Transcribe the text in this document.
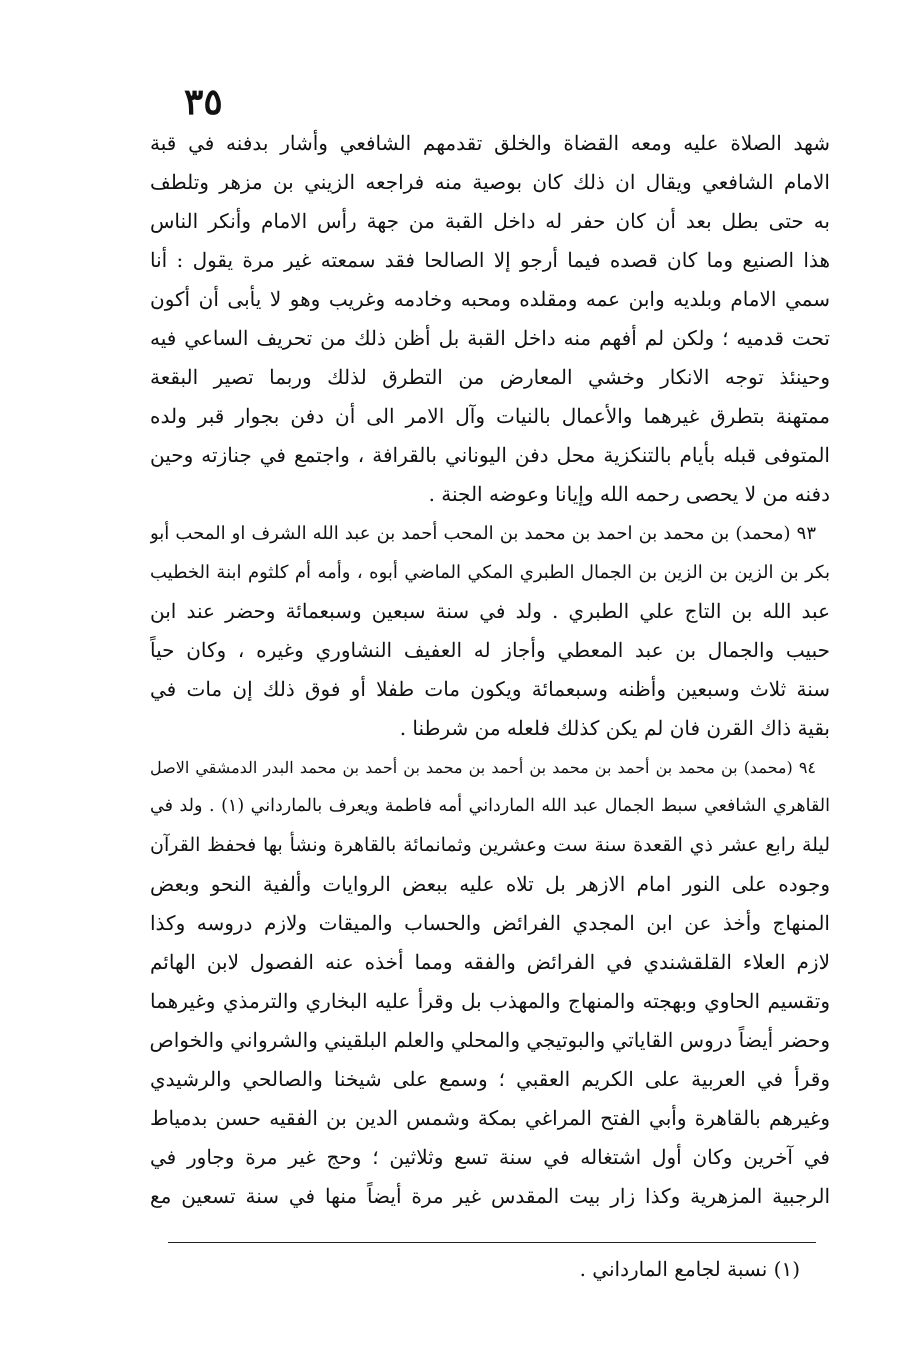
٣٥
شهد الصلاة عليه ومعه القضاة والخلق تقدمهم الشافعي وأشار بدفنه في قبة
الامام الشافعي ويقال ان ذلك كان بوصية منه فراجعه الزيني بن مزهر وتلطف
به حتى بطل بعد أن كان حفر له داخل القبة من جهة رأس الامام وأنكر الناس
هذا الصنيع وما كان قصده فيما أرجو إلا الصالحا فقد سمعته غير مرة يقول : أنا
سمي الامام وبلديه وابن عمه ومقلده ومحبه وخادمه وغريب وهو لا يأبى أن أكون
تحت قدميه ؛ ولكن لم أفهم منه داخل القبة بل أظن ذلك من تحريف الساعي فيه
وحينئذ توجه الانكار وخشي المعارض من التطرق لذلك وربما تصير البقعة
ممتهنة بتطرق غيرهما والأعمال بالنيات وآل الامر الى أن دفن بجوار قبر ولده
المتوفى قبله بأيام بالتنكزية محل دفن اليوناني بالقرافة ، واجتمع في جنازته وحين
دفنه من لا يحصى رحمه الله وإيانا وعوضه الجنة .
٩٣ (محمد) بن محمد بن احمد بن محمد بن المحب أحمد بن عبد الله الشرف او المحب أبو
بكر بن الزين بن الزين بن الجمال الطبري المكي الماضي أبوه ، وأمه أم كلثوم ابنة الخطيب
عبد الله بن التاج علي الطبري . ولد في سنة سبعين وسبعمائة وحضر عند ابن
حبيب والجمال بن عبد المعطي وأجاز له العفيف النشاوري وغيره ، وكان حياً
سنة ثلاث وسبعين وأظنه وسبعمائة ويكون مات طفلا أو فوق ذلك إن مات في
بقية ذاك القرن فان لم يكن كذلك فلعله من شرطنا .
٩٤ (محمد) بن محمد بن أحمد بن محمد بن أحمد بن محمد بن أحمد بن محمد البدر الدمشقي الاصل
القاهري الشافعي سبط الجمال عبد الله المارداني أمه فاطمة ويعرف بالمارداني (١) . ولد في
ليلة رابع عشر ذي القعدة سنة ست وعشرين وثمانمائة بالقاهرة ونشأ بها فحفظ القرآن
وجوده على النور امام الازهر بل تلاه عليه ببعض الروايات وألفية النحو وبعض
المنهاج وأخذ عن ابن المجدي الفرائض والحساب والميقات ولازم دروسه وكذا
لازم العلاء القلقشندي في الفرائض والفقه ومما أخذه عنه الفصول لابن الهائم
وتقسيم الحاوي وبهجته والمنهاج والمهذب بل وقرأ عليه البخاري والترمذي وغيرهما
وحضر أيضاً دروس القاياتي والبوتيجي والمحلي والعلم البلقيني والشرواني والخواص
وقرأ في العربية على الكريم العقبي ؛ وسمع على شيخنا والصالحي والرشيدي
وغيرهم بالقاهرة وأبي الفتح المراغي بمكة وشمس الدين بن الفقيه حسن بدمياط
في آخرين وكان أول اشتغاله في سنة تسع وثلاثين ؛ وحج غير مرة وجاور في
الرجبية المزهرية وكذا زار بيت المقدس غير مرة أيضاً منها في سنة تسعين مع
(١) نسبة لجامع المارداني .
